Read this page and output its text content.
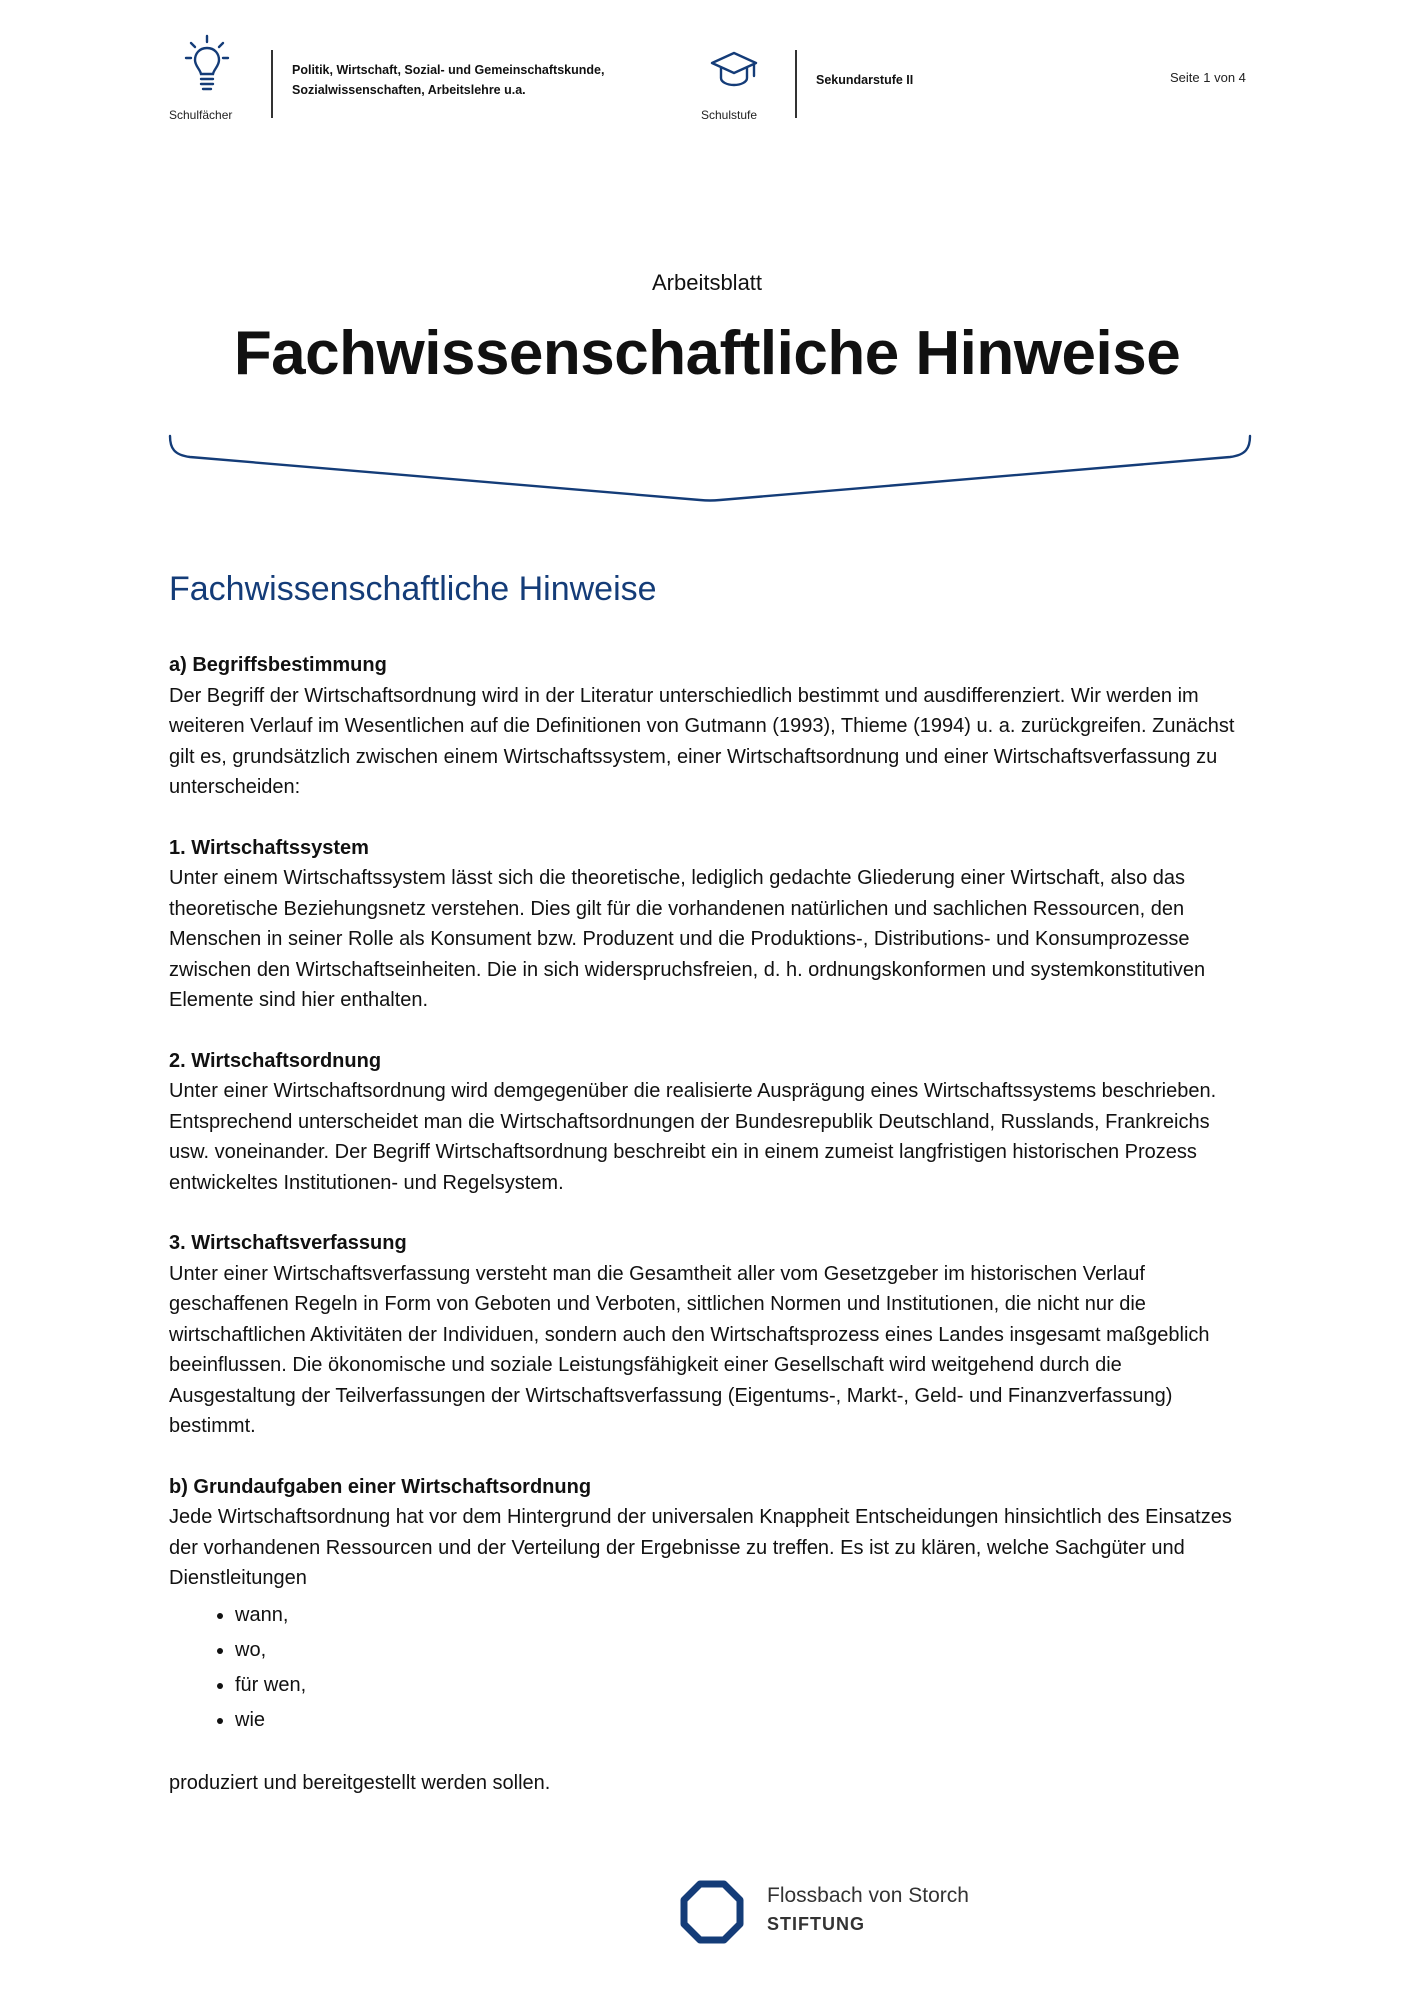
Schulfächer
Politik, Wirtschaft, Sozial- und Gemeinschaftskunde,
Sozialwissenschaften, Arbeitslehre u.a.
Schulstufe
Sekundarstufe II	Seite 1 von 4
Arbeitsblatt
Fachwissenschaftliche Hinweise
Fachwissenschaftliche Hinweise

a) Begriffsbestimmung

Der Begriff der Wirtschaftsordnung wird in der Literatur unterschiedlich bestimmt und ausdifferenziert. Wir werden im weiteren Verlauf im Wesentlichen auf die Definitionen von Gutmann (1993), Thieme (1994) u. a. zurückgreifen. Zunächst gilt es, grundsätzlich zwischen einem Wirtschaftssystem, einer Wirtschaftsordnung und einer Wirtschaftsverfassung zu unterscheiden:

1. Wirtschaftssystem

Unter einem Wirtschaftssystem lässt sich die theoretische, lediglich gedachte Gliederung einer Wirtschaft, also das theoretische Beziehungsnetz verstehen. Dies gilt für die vorhandenen natürlichen und sachlichen Ressourcen, den Menschen in seiner Rolle als Konsument bzw. Produzent und die Produktions-, Distributions- und Konsumprozesse zwischen den Wirtschaftseinheiten. Die in sich widerspruchsfreien, d. h. ordnungskonformen und systemkonstitutiven Elemente sind hier enthalten.

2. Wirtschaftsordnung

Unter einer Wirtschaftsordnung wird demgegenüber die realisierte Ausprägung eines Wirtschaftssystems beschrieben. Entsprechend unterscheidet man die Wirtschaftsordnungen der Bundesrepublik Deutschland, Russlands, Frankreichs usw. voneinander. Der Begriff Wirtschaftsordnung beschreibt ein in einem zumeist langfristigen historischen Prozess entwickeltes Institutionen- und Regelsystem.

3. Wirtschaftsverfassung

Unter einer Wirtschaftsverfassung versteht man die Gesamtheit aller vom Gesetzgeber im historischen Verlauf geschaffenen Regeln in Form von Geboten und Verboten, sittlichen Normen und Institutionen, die nicht nur die wirtschaftlichen Aktivitäten der Individuen, sondern auch den Wirtschaftsprozess eines Landes insgesamt maßgeblich beeinflussen. Die ökonomische und soziale Leistungsfähigkeit einer Gesellschaft wird weitgehend durch die Ausgestaltung der Teilverfassungen der Wirtschaftsverfassung (Eigentums-, Markt-, Geld- und Finanzverfassung) bestimmt.

b) Grundaufgaben einer Wirtschaftsordnung

Jede Wirtschaftsordnung hat vor dem Hintergrund der universalen Knappheit Entscheidungen hinsichtlich des Einsatzes der vorhandenen Ressourcen und der Verteilung der Ergebnisse zu treffen. Es ist zu klären, welche Sachgüter und Dienstleitungen

• wann,
• wo,
• für wen,
• wie

produziert und bereitgestellt werden sollen.

Flossbach von Storch
STIFTUNG
